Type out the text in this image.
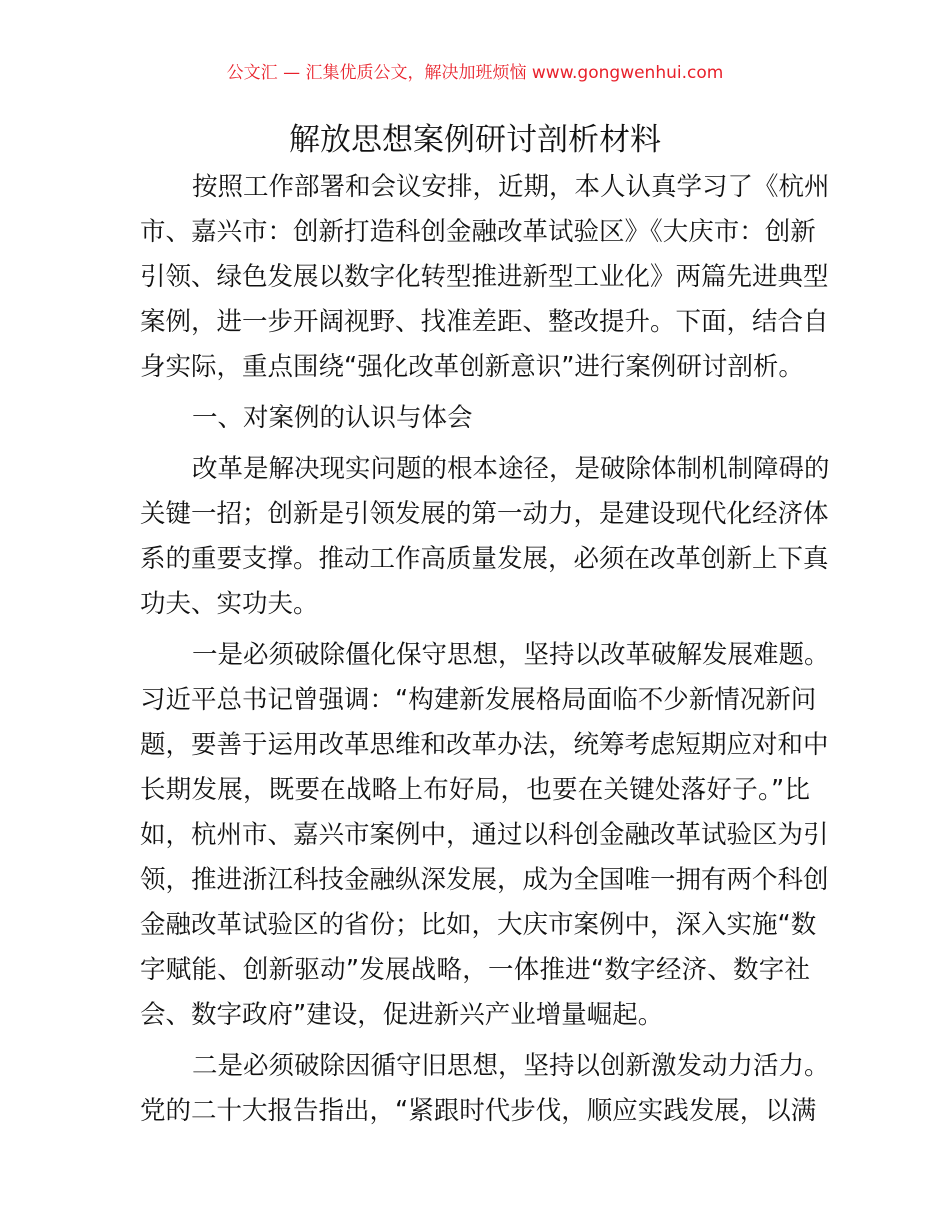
公文汇 — 汇集优质公文，解决加班烦恼 www.gongwenhui.com
解放思想案例研讨剖析材料
按照工作部署和会议安排，近期，本人认真学习了《杭州
市、嘉兴市：创新打造科创金融改革试验区》《大庆市：创新
引领、绿色发展以数字化转型推进新型工业化》两篇先进典型
案例，进一步开阔视野、找准差距、整改提升。下面，结合自
身实际，重点围绕“强化改革创新意识”进行案例研讨剖析。
一、对案例的认识与体会
改革是解决现实问题的根本途径，是破除体制机制障碍的
关键一招；创新是引领发展的第一动力，是建设现代化经济体
系的重要支撑。推动工作高质量发展，必须在改革创新上下真
功夫、实功夫。
一是必须破除僵化保守思想，坚持以改革破解发展难题。
习近平总书记曾强调：“构建新发展格局面临不少新情况新问
题，要善于运用改革思维和改革办法，统筹考虑短期应对和中
长期发展，既要在战略上布好局，也要在关键处落好子。”比
如，杭州市、嘉兴市案例中，通过以科创金融改革试验区为引
领，推进浙江科技金融纵深发展，成为全国唯一拥有两个科创
金融改革试验区的省份；比如，大庆市案例中，深入实施“数
字赋能、创新驱动”发展战略，一体推进“数字经济、数字社
会、数字政府”建设，促进新兴产业增量崛起。
二是必须破除因循守旧思想，坚持以创新激发动力活力。
党的二十大报告指出，“紧跟时代步伐，顺应实践发展，以满
